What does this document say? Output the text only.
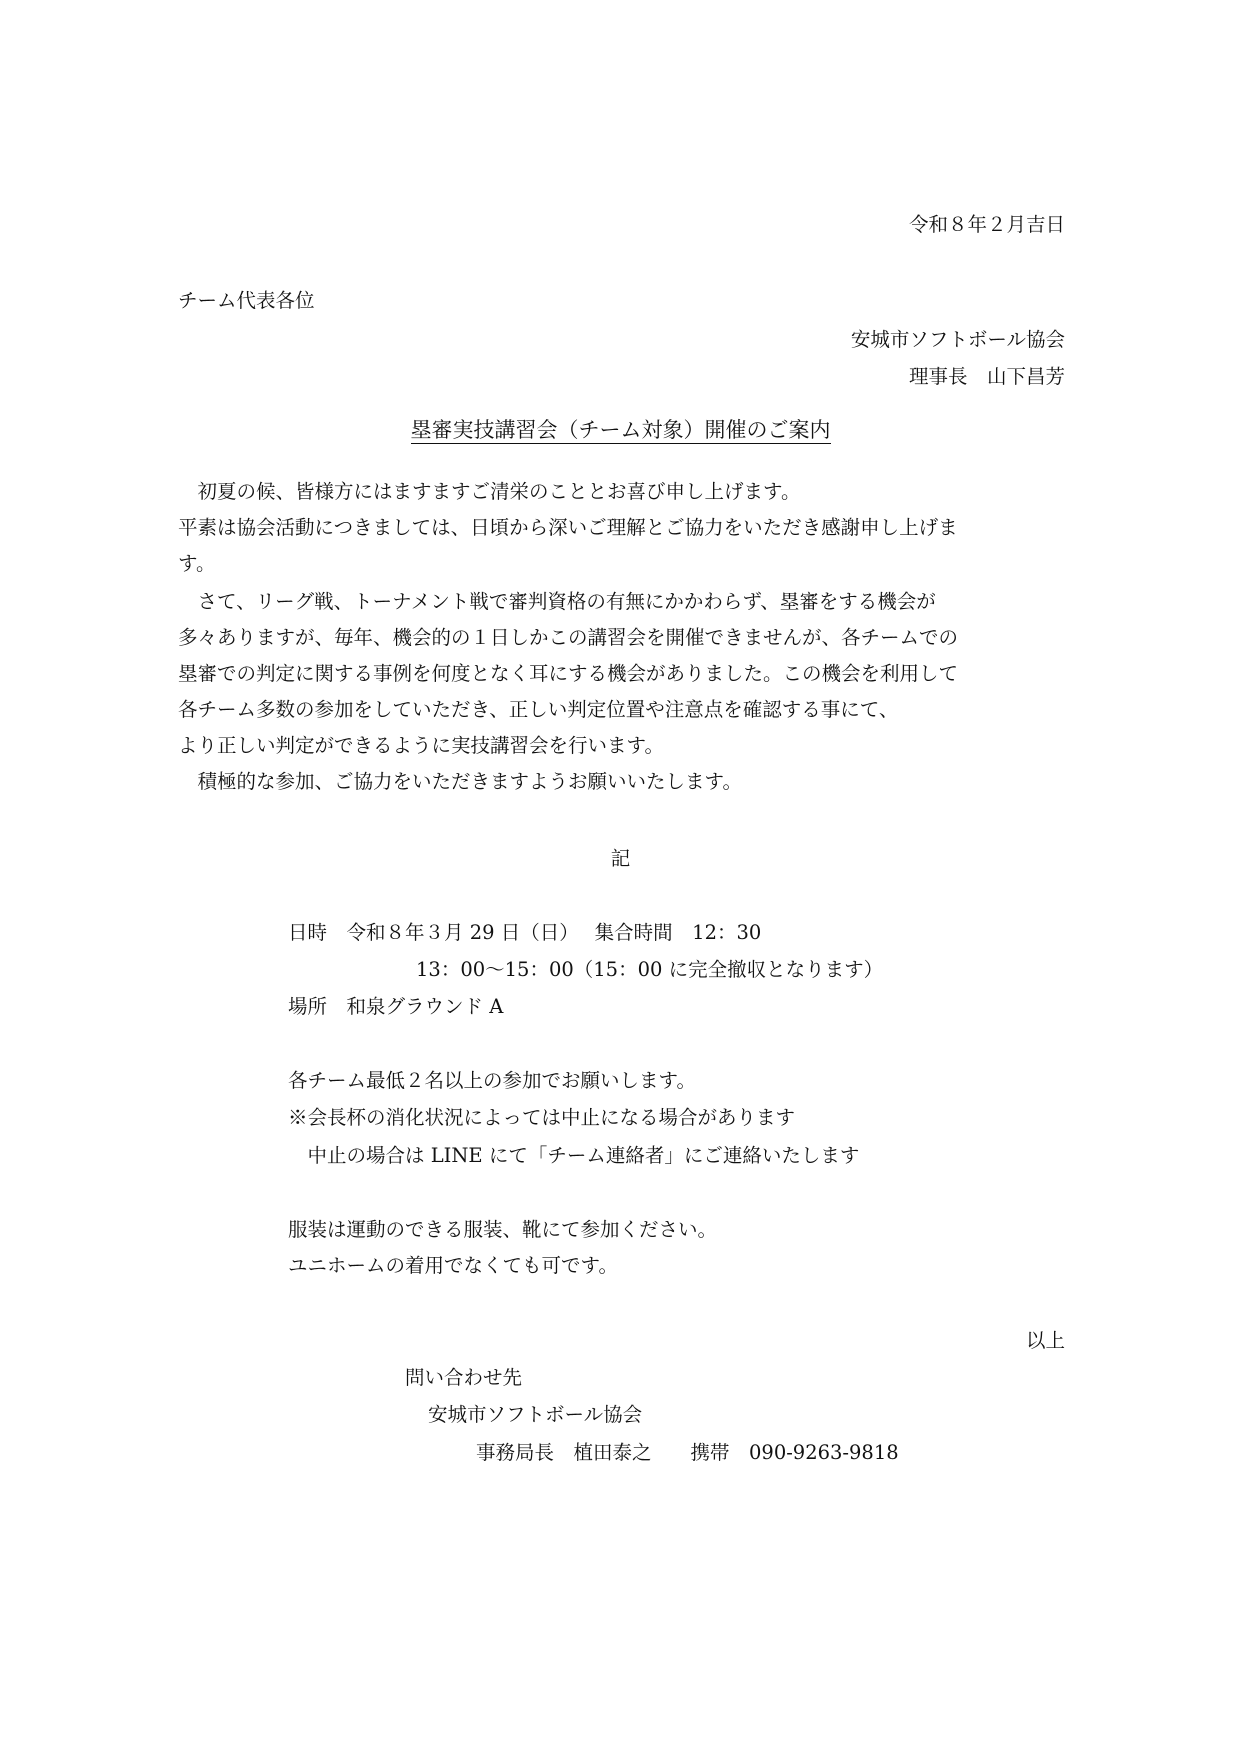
令和８年２月吉日
チーム代表各位
安城市ソフトボール協会
理事長　山下昌芳
塁審実技講習会（チーム対象）開催のご案内
　初夏の候、皆様方にはますますご清栄のこととお喜び申し上げます。
平素は協会活動につきましては、日頃から深いご理解とご協力をいただき感謝申し上げま
す。
　さて、リーグ戦、トーナメント戦で審判資格の有無にかかわらず、塁審をする機会が
多々ありますが、毎年、機会的の１日しかこの講習会を開催できませんが、各チームでの
塁審での判定に関する事例を何度となく耳にする機会がありました。この機会を利用して
各チーム多数の参加をしていただき、正しい判定位置や注意点を確認する事にて、
より正しい判定ができるように実技講習会を行います。
　積極的な参加、ご協力をいただきますようお願いいたします。
記
日時　令和８年３月 29 日（日）　 集合時間　12：30
13：00〜15：00（15：00 に完全撤収となります）
場所　和泉グラウンド A
各チーム最低２名以上の参加でお願いします。
※会長杯の消化状況によっては中止になる場合があります
　中止の場合は LINE にて「チーム連絡者」にご連絡いたします
服装は運動のできる服装、靴にて参加ください。
ユニホームの着用でなくても可です。
以上
問い合わせ先
安城市ソフトボール協会
事務局長　植田泰之　　携帯　090-9263-9818
